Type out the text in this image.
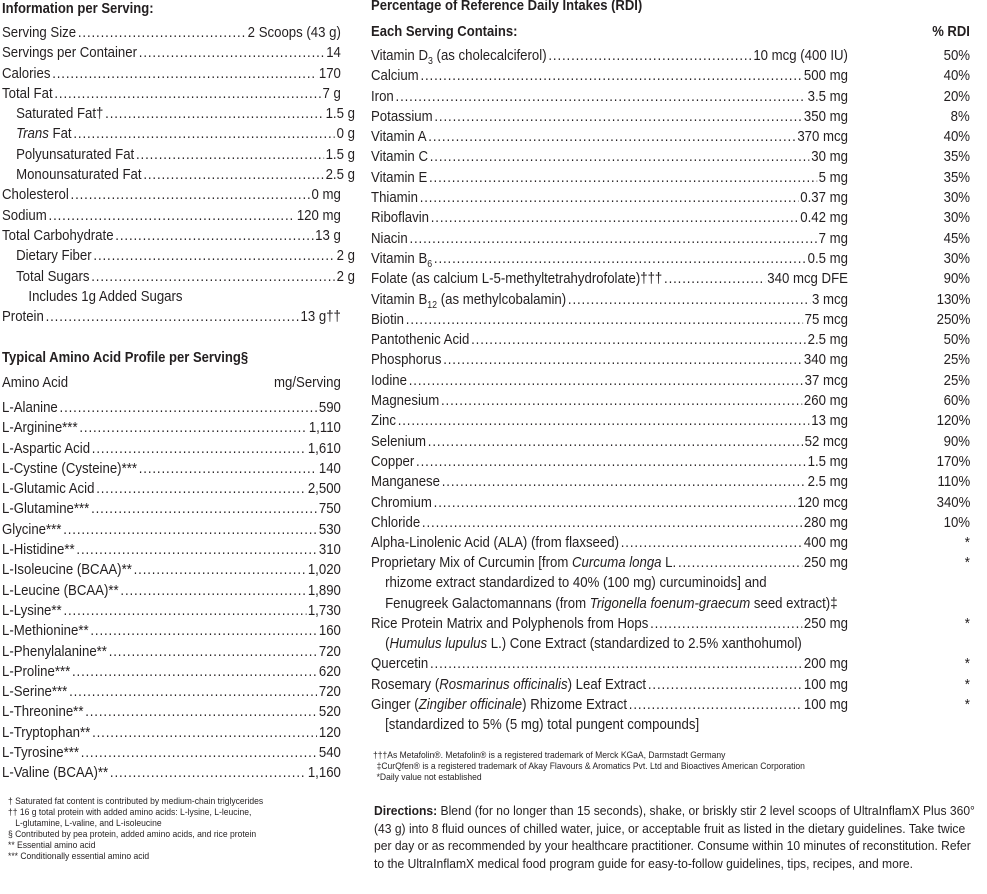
Information per Serving:
Serving Size .....	2 Scoops (43 g)
Servings per Container .....	14
Calories .....	170
Total Fat .....	7 g
Saturated Fat† .....	1.5 g
Trans Fat .....	0 g
Polyunsaturated Fat .....	1.5 g
Monounsaturated Fat .....	2.5 g
Cholesterol .....	0 mg
Sodium .....	120 mg
Total Carbohydrate .....	13 g
Dietary Fiber .....	2 g
Total Sugars .....	2 g
Includes 1g Added Sugars
Protein .....	13 g††
Typical Amino Acid Profile per Serving§
Amino Acid	mg/Serving
L-Alanine .....	590
L-Arginine*** .....	1,110
L-Aspartic Acid .....	1,610
L-Cystine (Cysteine)*** .....	140
L-Glutamic Acid .....	2,500
L-Glutamine*** .....	750
Glycine*** .....	530
L-Histidine** .....	310
L-Isoleucine (BCAA)** .....	1,020
L-Leucine (BCAA)** .....	1,890
L-Lysine** .....	1,730
L-Methionine** .....	160
L-Phenylalanine** .....	720
L-Proline*** .....	620
L-Serine*** .....	720
L-Threonine** .....	520
L-Tryptophan** .....	120
L-Tyrosine*** .....	540
L-Valine (BCAA)** .....	1,160
† Saturated fat content is contributed by medium-chain triglycerides
†† 16 g total protein with added amino acids: L-lysine, L-leucine,
L-glutamine, L-valine, and L-isoleucine
§ Contributed by pea protein, added amino acids, and rice protein
** Essential amino acid
*** Conditionally essential amino acid
Percentage of Reference Daily Intakes (RDI)
Each Serving Contains:	% RDI
Vitamin $D_3$ (as cholecalciferol) .....	10 mcg (400 IU)	50%
Calcium .....	500 mg	40%
Iron .....	3.5 mg	20%
Potassium .....	350 mg	8%
Vitamin A .....	370 mcg	40%
Vitamin C .....	30 mg	35%
Vitamin E .....	5 mg	35%
Thiamin .....	0.37 mg	30%
Riboflavin .....	0.42 mg	30%
Niacin .....	7 mg	45%
Vitamin $B_6$ .....	0.5 mg	30%
Folate (as calcium L-5-methyltetrahydrofolate)††† .....	340 mcg DFE	90%
Vitamin $B_{12}$ (as methylcobalamin) .....	3 mcg	130%
Biotin .....	75 mcg	250%
Pantothenic Acid .....	2.5 mg	50%
Phosphorus .....	340 mg	25%
Iodine .....	37 mcg	25%
Magnesium .....	260 mg	60%
Zinc .....	13 mg	120%
Selenium .....	52 mcg	90%
Copper .....	1.5 mg	170%
Manganese .....	2.5 mg	110%
Chromium .....	120 mcg	340%
Chloride .....	280 mg	10%
Alpha-Linolenic Acid (ALA) (from flaxseed) .....	400 mg	*
Proprietary Mix of Curcumin [from Curcuma longa L. .....	250 mg	*
rhizome extract standardized to 40% (100 mg) curcuminoids] and
Fenugreek Galactomannans (from Trigonella foenum-graecum seed extract)‡
Rice Protein Matrix and Polyphenols from Hops .....	250 mg	*
(Humulus lupulus L.) Cone Extract (standardized to 2.5% xanthohumol)
Quercetin .....	200 mg	*
Rosemary (Rosmarinus officinalis) Leaf Extract .....	100 mg	*
Ginger (Zingiber officinale) Rhizome Extract .....	100 mg	*
[standardized to 5% (5 mg) total pungent compounds]
†††As Metafolin®. Metafolin® is a registered trademark of Merck KGaA, Darmstadt Germany
‡CurQfen® is a registered trademark of Akay Flavours & Aromatics Pvt. Ltd and Bioactives American Corporation
*Daily value not established
Directions: Blend (for no longer than 15 seconds), shake, or briskly stir 2 level scoops of UltraInflamX Plus 360° (43 g) into 8 fluid ounces of chilled water, juice, or acceptable fruit as listed in the dietary guidelines. Take twice per day or as recommended by your healthcare practitioner. Consume within 10 minutes of reconstitution. Refer to the UltraInflamX medical food program guide for easy-to-follow guidelines, tips, recipes, and more.
